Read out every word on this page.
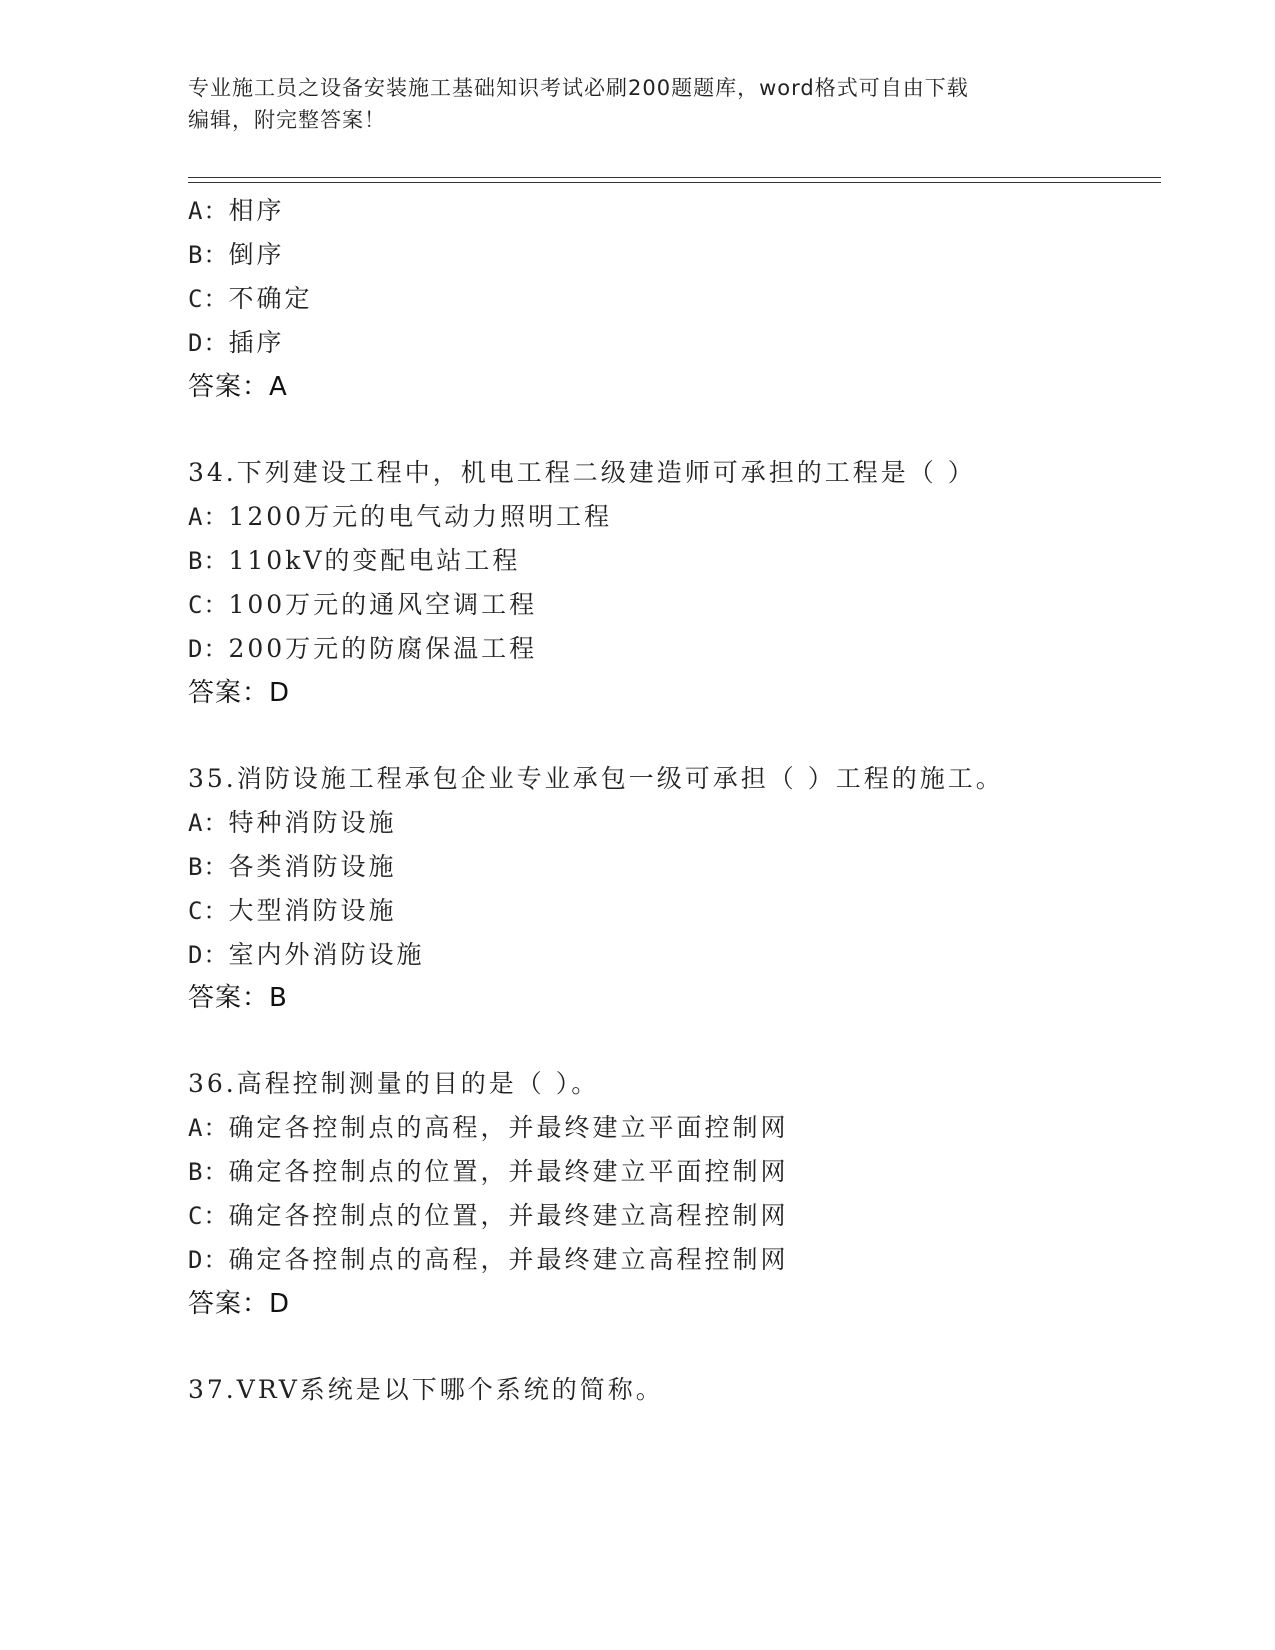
专业施工员之设备安装施工基础知识考试必刷200题题库，word格式可自由下载
编辑，附完整答案！
A：相序
B：倒序
C：不确定
D：插序
答案：A
34.下列建设工程中，机电工程二级建造师可承担的工程是（ ）
A：1200万元的电气动力照明工程
B：110kV的变配电站工程
C：100万元的通风空调工程
D：200万元的防腐保温工程
答案：D
35.消防设施工程承包企业专业承包一级可承担（ ）工程的施工。
A：特种消防设施
B：各类消防设施
C：大型消防设施
D：室内外消防设施
答案：B
36.高程控制测量的目的是（ ）。
A：确定各控制点的高程，并最终建立平面控制网
B：确定各控制点的位置，并最终建立平面控制网
C：确定各控制点的位置，并最终建立高程控制网
D：确定各控制点的高程，并最终建立高程控制网
答案：D
37.VRV系统是以下哪个系统的简称。
